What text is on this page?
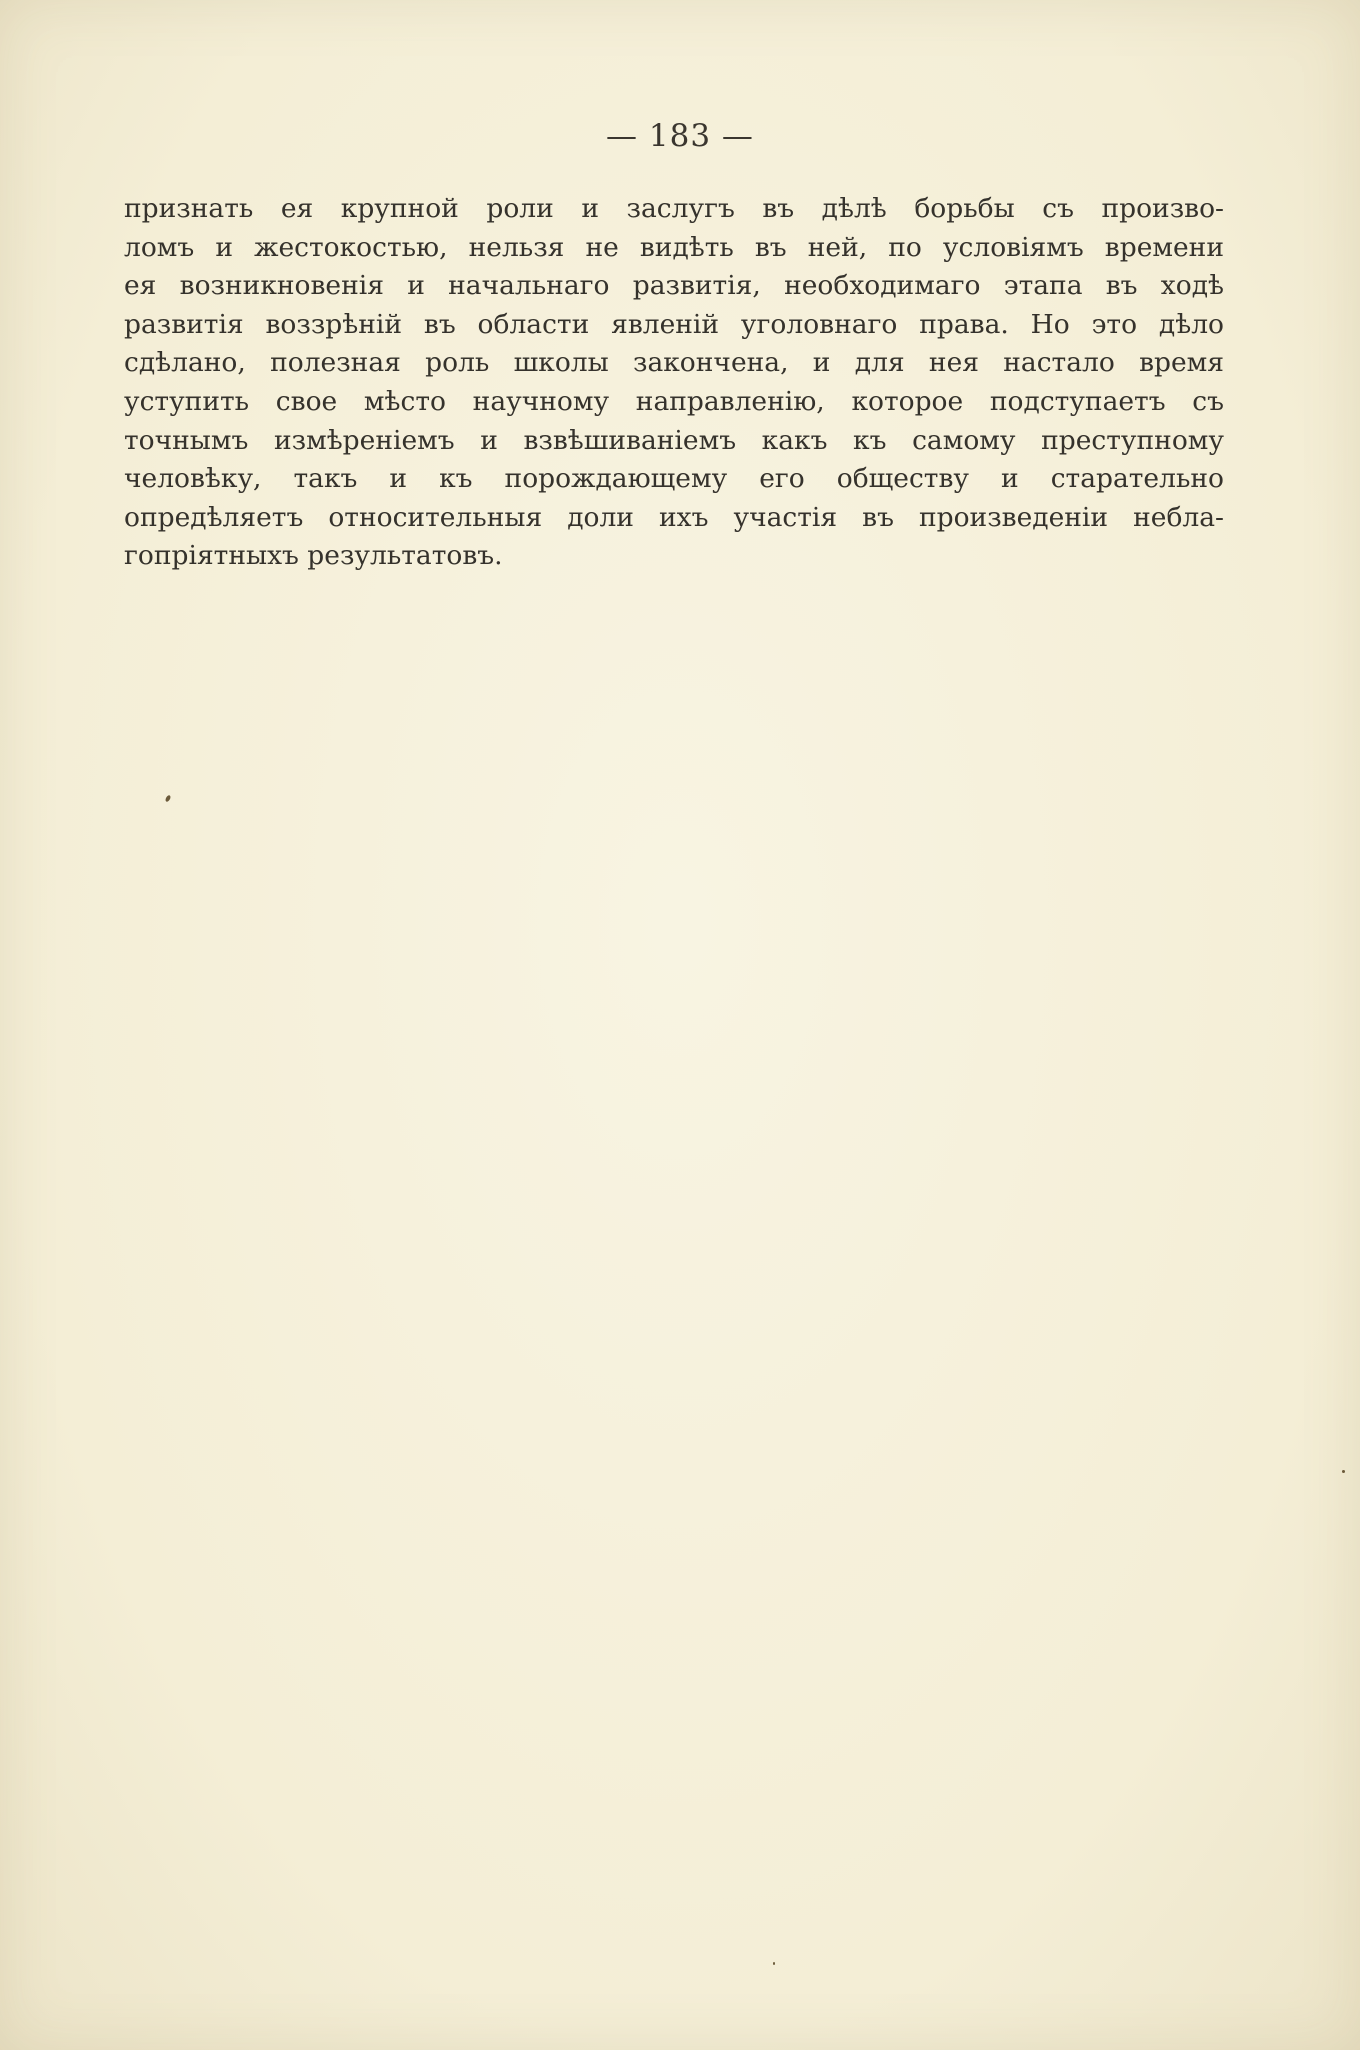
— 183 —
признать ея крупной роли и заслугъ въ дѣлѣ борьбы съ произво-
ломъ и жестокостью, нельзя не видѣть въ ней, по условіямъ времени
ея возникновенія и начальнаго развитія, необходимаго этапа въ ходѣ
развитія воззрѣній въ области явленій уголовнаго права. Но это дѣло
сдѣлано, полезная роль школы закончена, и для нея настало время
уступить свое мѣсто научному направленію, которое подступаетъ съ
точнымъ измѣреніемъ и взвѣшиваніемъ какъ къ самому преступному
человѣку, такъ и къ порождающему его обществу и старательно
опредѣляетъ относительныя доли ихъ участія въ произведеніи небла-
гопріятныхъ результатовъ.
